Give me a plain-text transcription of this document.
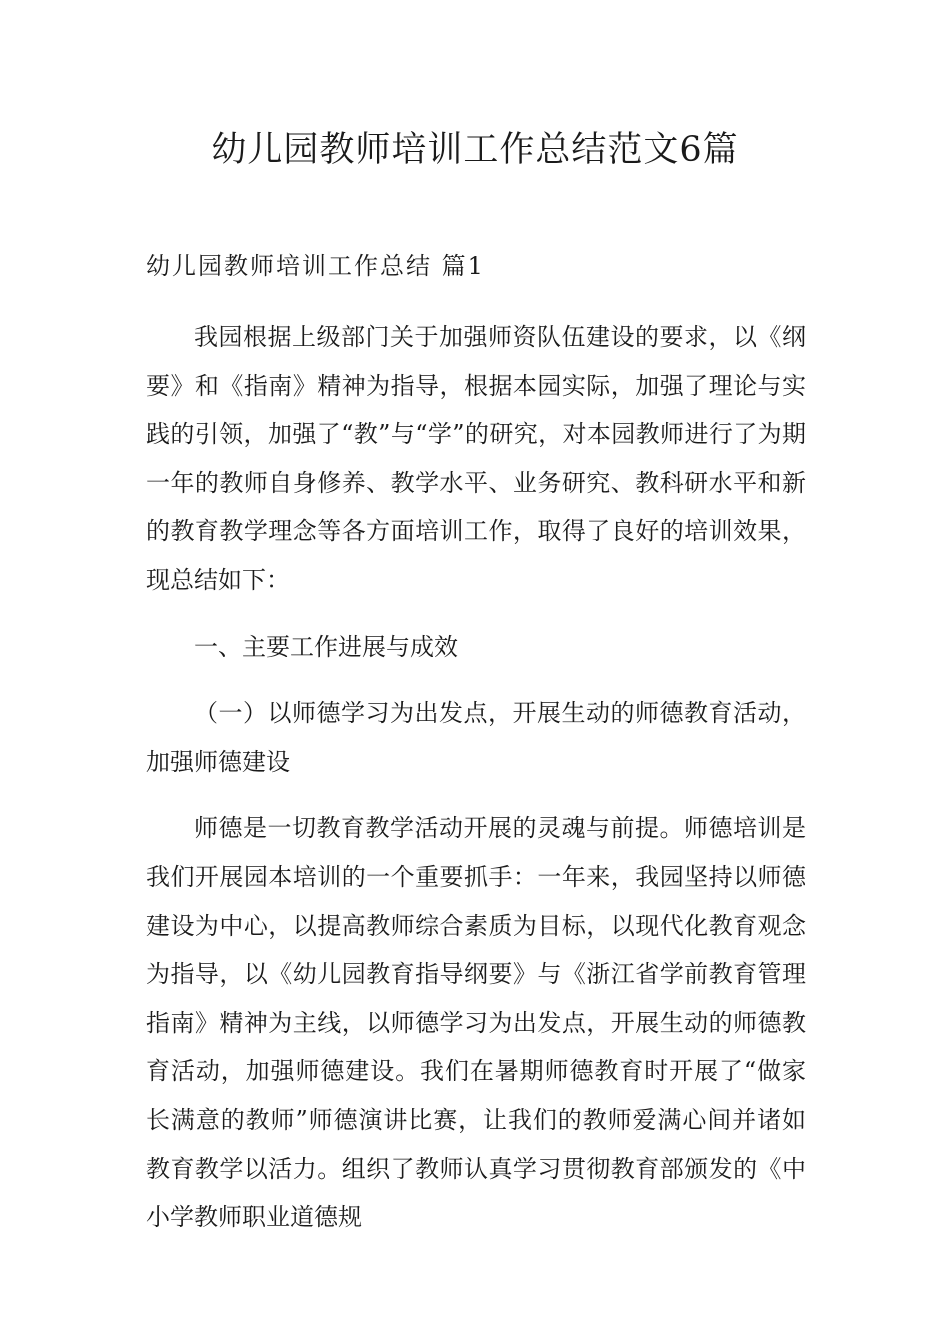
幼儿园教师培训工作总结范文6篇
幼儿园教师培训工作总结 篇1

我园根据上级部门关于加强师资队伍建设的要求，以《纲要》和《指南》精神为指导，根据本园实际，加强了理论与实践的引领，加强了“教”与“学”的研究，对本园教师进行了为期一年的教师自身修养、教学水平、业务研究、教科研水平和新的教育教学理念等各方面培训工作，取得了良好的培训效果，现总结如下：

一、主要工作进展与成效

（一）以师德学习为出发点，开展生动的师德教育活动，加强师德建设

师德是一切教育教学活动开展的灵魂与前提。师德培训是我们开展园本培训的一个重要抓手：一年来，我园坚持以师德建设为中心，以提高教师综合素质为目标，以现代化教育观念为指导，以《幼儿园教育指导纲要》与《浙江省学前教育管理指南》精神为主线，以师德学习为出发点，开展生动的师德教育活动，加强师德建设。我们在暑期师德教育时开展了“做家长满意的教师”师德演讲比赛，让我们的教师爱满心间并诸如教育教学以活力。组织了教师认真学习贯彻教育部颁发的《中小学教师职业道德规
